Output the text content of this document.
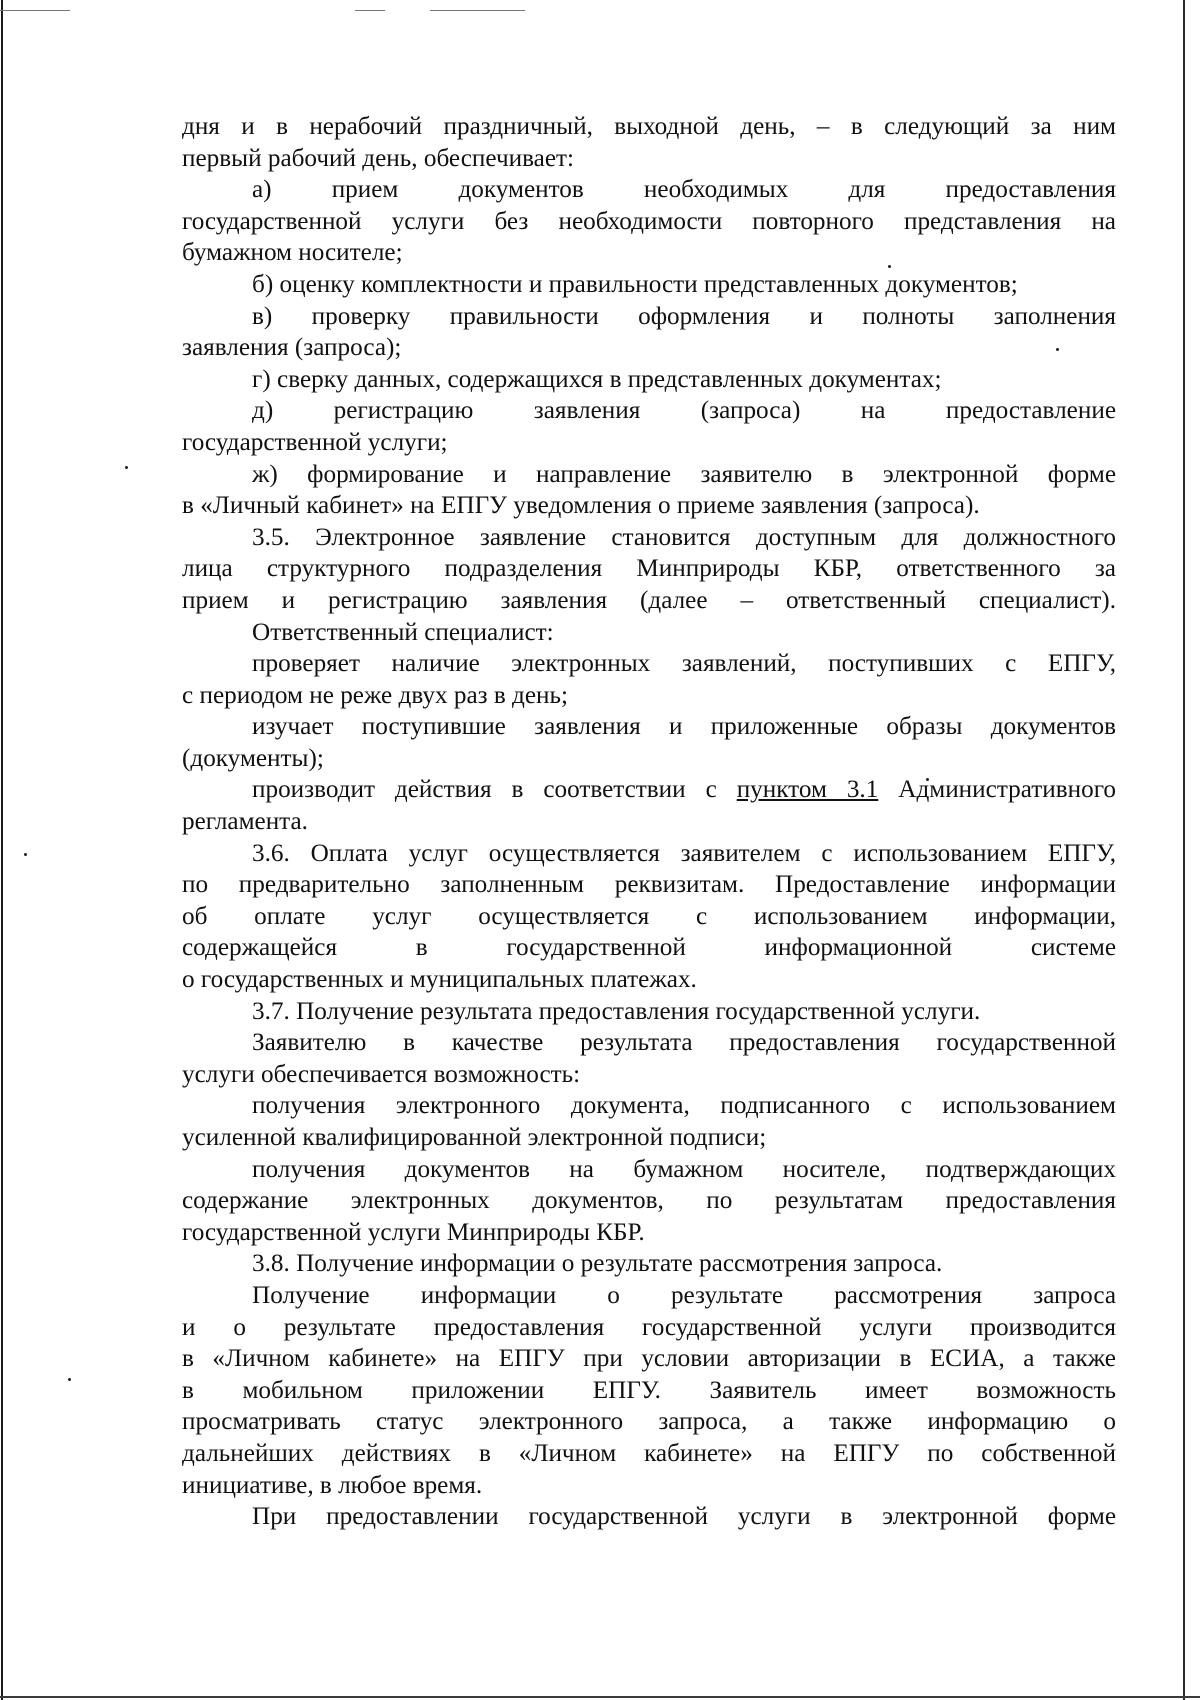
дня и в нерабочий праздничный, выходной день, – в следующий за ним
первый рабочий день, обеспечивает:
а) прием документов необходимых для предоставления
государственной услуги без необходимости повторного представления на
бумажном носителе;
б) оценку комплектности и правильности представленных документов;
в) проверку правильности оформления и полноты заполнения
заявления (запроса);
г) сверку данных, содержащихся в представленных документах;
д) регистрацию заявления (запроса) на предоставление
государственной услуги;
ж) формирование и направление заявителю в электронной форме
в «Личный кабинет» на ЕПГУ уведомления о приеме заявления (запроса).
3.5. Электронное заявление становится доступным для должностного
лица структурного подразделения Минприроды КБР, ответственного за
прием и регистрацию заявления (далее – ответственный специалист).
Ответственный специалист:
проверяет наличие электронных заявлений, поступивших с ЕПГУ,
с периодом не реже двух раз в день;
изучает поступившие заявления и приложенные образы документов
(документы);
производит действия в соответствии с пунктом 3.1 Административного
регламента.
3.6. Оплата услуг осуществляется заявителем с использованием ЕПГУ,
по предварительно заполненным реквизитам. Предоставление информации
об оплате услуг осуществляется с использованием информации,
содержащейся в государственной информационной системе
о государственных и муниципальных платежах.
3.7. Получение результата предоставления государственной услуги.
Заявителю в качестве результата предоставления государственной
услуги обеспечивается возможность:
получения электронного документа, подписанного с использованием
усиленной квалифицированной электронной подписи;
получения документов на бумажном носителе, подтверждающих
содержание электронных документов, по результатам предоставления
государственной услуги Минприроды КБР.
3.8. Получение информации о результате рассмотрения запроса.
Получение информации о результате рассмотрения запроса
и о результате предоставления государственной услуги производится
в «Личном кабинете» на ЕПГУ при условии авторизации в ЕСИА, а также
в мобильном приложении ЕПГУ. Заявитель имеет возможность
просматривать статус электронного запроса, а также информацию о
дальнейших действиях в «Личном кабинете» на ЕПГУ по собственной
инициативе, в любое время.
При предоставлении государственной услуги в электронной форме
